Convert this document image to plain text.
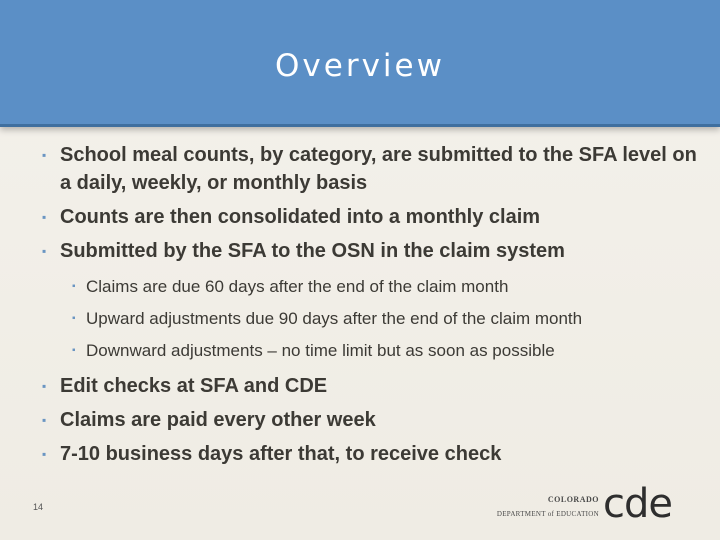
Overview
▪ School meal counts, by category, are submitted to the SFA level on a daily, weekly, or monthly basis
▪ Counts are then consolidated into a monthly claim
▪ Submitted by the SFA to the OSN in the claim system
▪ Claims are due 60 days after the end of the claim month
▪ Upward adjustments due 90 days after the end of the claim month
▪ Downward adjustments – no time limit but as soon as possible
▪ Edit checks at SFA and CDE
▪ Claims are paid every other week
▪ 7-10 business days after that, to receive check
14
COLORADO
DEPARTMENT of EDUCATION cde
